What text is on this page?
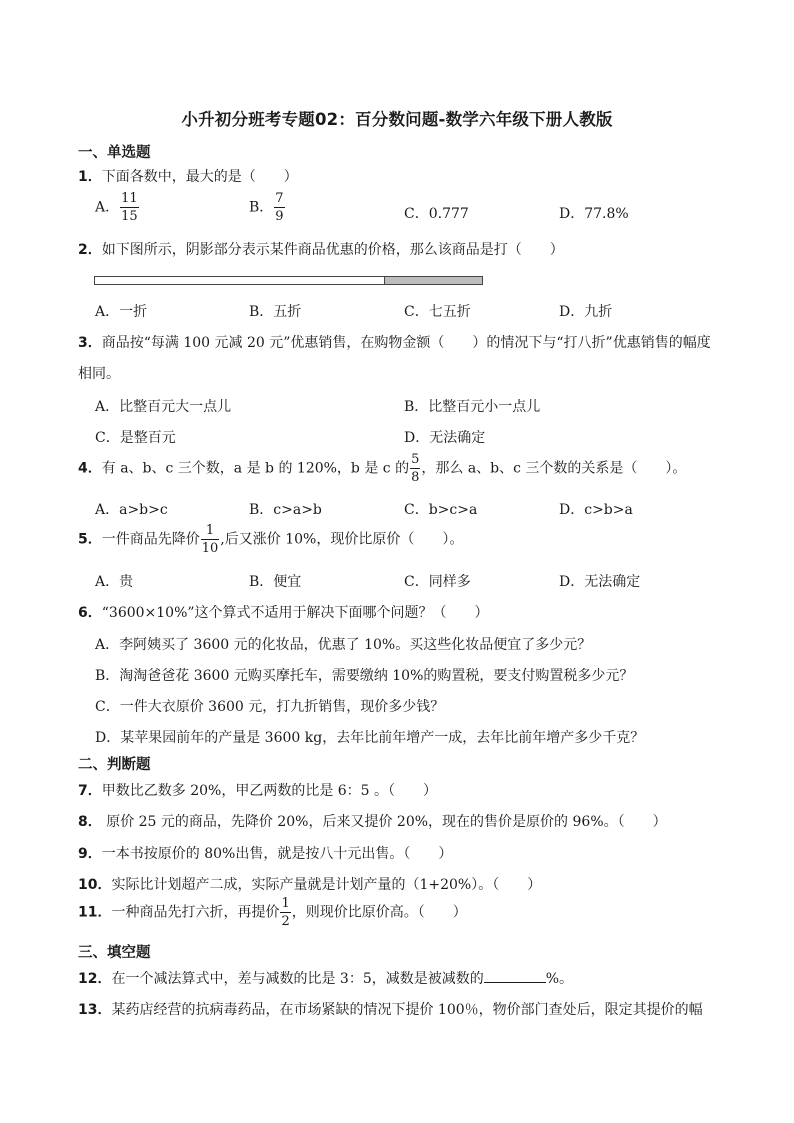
小升初分班考专题02：百分数问题-数学六年级下册人教版
一、单选题
1．下面各数中，最大的是（　　）
A． $\frac{11}{15}$	B． $\frac{7}{9}$	C．0.777	D．77.8%
2．如下图所示，阴影部分表示某件商品优惠的价格，那么该商品是打（　　）
A．一折	B．五折	C．七五折	D．九折
3．商品按“每满 100 元减 20 元”优惠销售，在购物金额（　　）的情况下与“打八折”优惠销售的幅度
相同。
A．比整百元大一点儿	B．比整百元小一点儿
C．是整百元	D．无法确定
4．有 a、b、c 三个数，a 是 b 的 120%，b 是 c 的 $\frac{5}{8}$ ，那么 a、b、c 三个数的关系是（　　）。
A．a>b>c	B．c>a>b	C．b>c>a	D．c>b>a
5．一件商品先降价 $\frac{1}{10}$ ,后又涨价 10%，现价比原价（　　）。
A．贵	B．便宜	C．同样多	D．无法确定
6．“3600×10%”这个算式不适用于解决下面哪个问题？（　　）
A．李阿姨买了 3600 元的化妆品，优惠了 10%。买这些化妆品便宜了多少元？
B．淘淘爸爸花 3600 元购买摩托车，需要缴纳 10%的购置税，要支付购置税多少元？
C．一件大衣原价 3600 元，打九折销售，现价多少钱？
D．某苹果园前年的产量是 3600 kg，去年比前年增产一成，去年比前年增产多少千克？
二、判断题
7．甲数比乙数多 20%，甲乙两数的比是 6：5 。（　　）
8． 原价 25 元的商品，先降价 20%，后来又提价 20%，现在的售价是原价的 96%。（　　）
9．一本书按原价的 80%出售，就是按八十元出售。（　　）
10．实际比计划超产二成，实际产量就是计划产量的（1+20%）。（　　）
11．一种商品先打六折，再提价 $\frac{1}{2}$ ，则现价比原价高。（　　）
三、填空题
12．在一个减法算式中，差与减数的比是 3：5，减数是被减数的	%。
13．某药店经营的抗病毒药品，在市场紧缺的情况下提价 100％，物价部门查处后，限定其提价的幅
